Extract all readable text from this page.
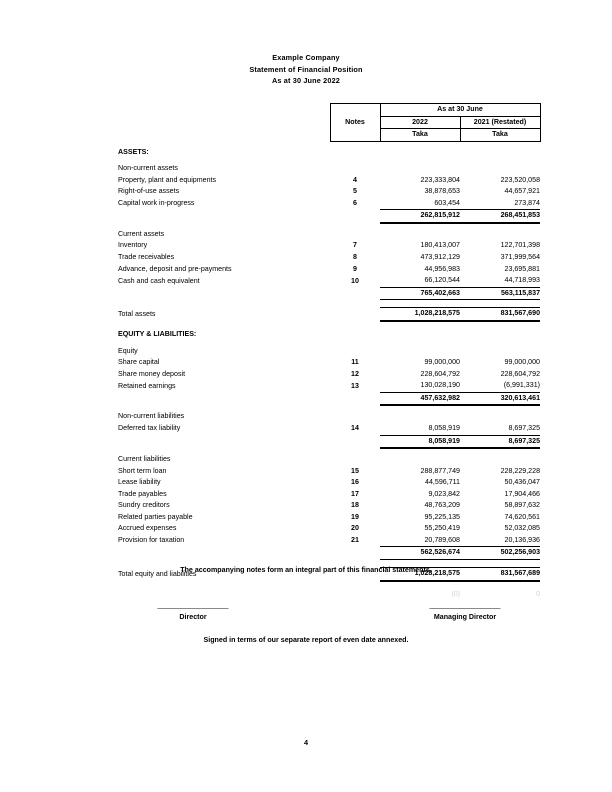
Example Company
Statement of Financial Position
As at 30 June 2022
		As at 30 June	
	Notes	2022		2021 (Restated)
		Taka		Taka

ASSETS:			

Non-current assets			
Property, plant and equipments	4	223,333,804		223,520,058
Right-of-use assets	5	38,878,653		44,657,921
Capital work in-progress	6	603,454		273,874
		262,815,912		268,451,853

Current assets			
Inventory	7	180,413,007		122,701,398
Trade receivables	8	473,912,129		371,999,564
Advance, deposit and pre-payments	9	44,956,983		23,695,881
Cash and cash equivalent	10	66,120,544		44,718,993
		765,402,663		563,115,837

Total assets		1,028,218,575		831,567,690

EQUITY & LIABILITIES:			

Equity			
Share capital	11	99,000,000		99,000,000
Share money deposit	12	228,604,792		228,604,792
Retained earnings	13	130,028,190		(6,991,331)
		457,632,982		320,613,461

Non-current liabilities			
Deferred tax liability	14	8,058,919		8,697,325
		8,058,919		8,697,325

Current liabilities			
Short term loan	15	288,877,749		228,229,228
Lease liability	16	44,596,711		50,436,047
Trade payables	17	9,023,842		17,904,466
Sundry creditors	18	48,763,209		58,897,632
Related parties payable	19	95,225,135		74,620,561
Accrued expenses	20	55,250,419		52,032,085
Provision for taxation	21	20,789,608		20,136,936
		562,526,674		502,256,903

Total equity and liabilities		1,028,218,575		831,567,689

		(0)		0
The accompanying notes form an integral part of this financial statements.
__________________
Director
__________________
Managing Director
Signed in terms of our separate report of even date annexed.
4
